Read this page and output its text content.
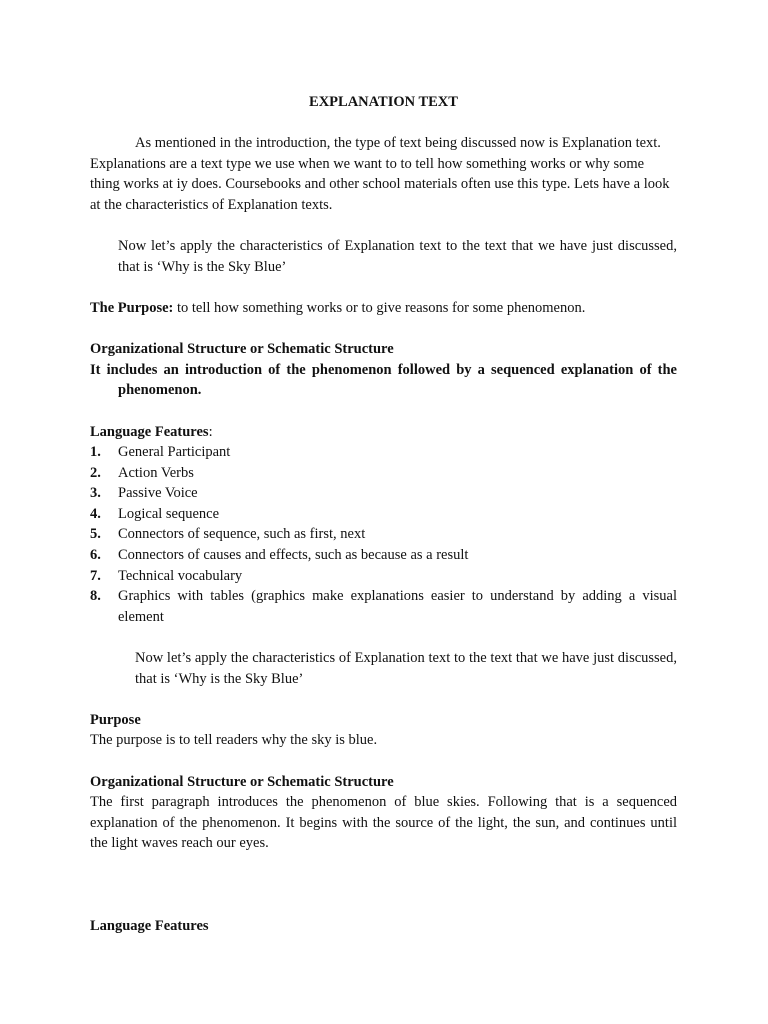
EXPLANATION TEXT

As mentioned in the introduction, the type of text being discussed now is Explanation text. Explanations are a text type we use when we want to to tell how something works or why some thing works at iy does. Coursebooks and other school materials often use this type. Lets have a look at the characteristics of Explanation texts.

Now let’s apply the characteristics of Explanation text to the text that we have just discussed, that is ‘Why is the Sky Blue’

The Purpose: to tell how something works or to give reasons for some phenomenon.

Organizational Structure or Schematic Structure

It includes an introduction of the phenomenon followed by a sequenced explanation of the phenomenon.

Language Features:

1.	General Participant
2.	Action Verbs
3.	Passive Voice
4.	Logical sequence
5.	Connectors of sequence, such as first, next
6.	Connectors of causes and effects, such as because as a result
7.	Technical vocabulary
8.	Graphics with tables (graphics make explanations easier to understand by adding a visual element

Now let’s apply the characteristics of Explanation text to the text that we have just discussed, that is ‘Why is the Sky Blue’

Purpose

The purpose is to tell readers why the sky is blue.

Organizational Structure or Schematic Structure

The first paragraph introduces the phenomenon of blue skies. Following that is a sequenced explanation of the phenomenon. It begins with the source of the light, the sun, and continues until the light waves reach our eyes.

Language Features
